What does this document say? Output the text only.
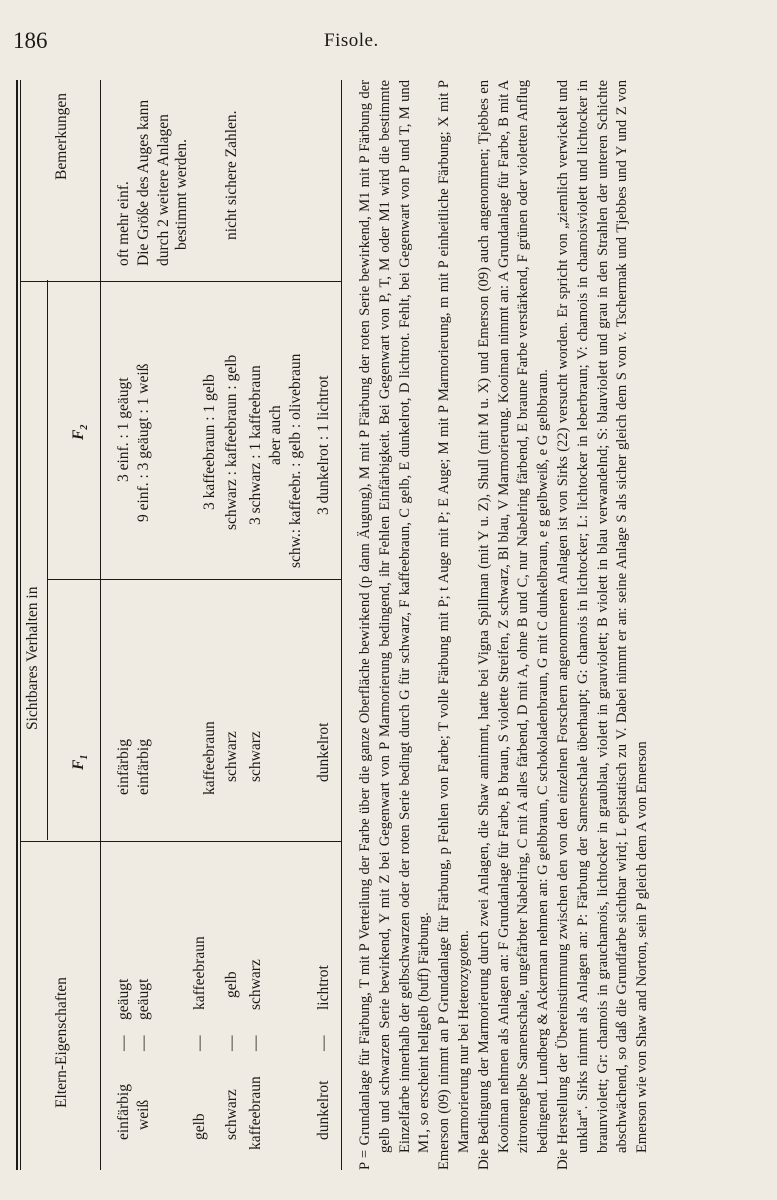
186	Fisole.
Eltern-Eigenschaften
Sichtbares Verhalten in
$F_1$
$F_2$
Bemerkungen
einfärbig
—
geäugt
einfärbig
3 einf. : 1 geäugt
oft mehr einf.
weiß
—
geäugt
einfärbig
9 einf. : 3 geäugt : 1 weiß
Die Größe des Auges kann durch 2 weitere Anlagen bestimmt werden.
gelb
—
kaffeebraun
kaffeebraun
3 kaffeebraun : 1 gelb
schwarz
—
gelb
schwarz
schwarz : kaffeebraun : gelb
nicht sichere Zahlen.
kaffeebraun
—
schwarz
schwarz
3 schwarz : 1 kaffeebraun aber auch schw.: kaffeebr. : gelb : olivebraun
dunkelrot
—
lichtrot
dunkelrot
3 dunkelrot : 1 lichtrot P = Grundanlage für Färbung, T mit P Verteilung der Farbe über die ganze Oberfläche bewirkend (p dann Äugung), M mit P Färbung der roten Serie bewirkend, M1 mit P Färbung der gelb und schwarzen Serie bewirkend, Y mit Z bei Gegenwart von P Marmorierung bedingend, ihr Fehlen Einfärbigkeit. Bei Gegenwart von P, T, M oder M1 wird die bestimmte Einzelfarbe innerhalb der gelbschwarzen oder der roten Serie bedingt durch G für schwarz, F kaffeebraun, C gelb, E dunkelrot, D lichtrot. Fehlt, bei Gegenwart von P und T, M und M1, so erscheint hellgelb (buff) Färbung. Emerson (09) nimmt an P Grundanlage für Färbung, p Fehlen von Farbe; T volle Färbung mit P; t Auge mit P; E Auge; M mit P Marmorierung, m mit P einheitliche Färbung; X mit P Marmorierung nur bei Heterozygoten. Die Bedingung der Marmorierung durch zwei Anlagen, die Shaw annimmt, hatte bei Vigna Spillman (mit Y u. Z), Shull (mit M u. X) und Emerson (09) auch angenommen; Tjebbes en Kooiman nehmen als Anlagen an: F Grundanlage für Farbe, B braun, S violette Streifen, Z schwarz, Bl blau, V Marmorierung. Kooiman nimmt an: A Grundanlage für Farbe, B mit A zitronengelbe Samenschale, ungefärbter Nabelring, C mit A alles färbend, D mit A, ohne B und C, nur Nabelring färbend, E braune Farbe verstärkend, F grünen oder violetten Anflug bedingend. Lundberg & Ackerman nehmen an: G gelbbraun, C schokoladenbraun, G mit C dunkelbraun, e g gelbweiß, e G gelbbraun. Die Herstellung der Übereinstimmung zwischen den von den einzelnen Forschern angenommenen Anlagen ist von Sirks (22) versucht worden. Er spricht von „ziemlich verwickelt und unklar“. Sirks nimmt als Anlagen an: P: Färbung der Samenschale überhaupt; G: chamois in lichtocker; L: lichtocker in leberbraun; V: chamois in chamoisviolett und lichtocker in braunviolett; Gr: chamois in grauchamois, lichtocker in graublau, violett in grauviolett; B violett in blau verwandelnd; S: blauviolett und grau in den Strahlen der unteren Schichte abschwächend, so daß die Grundfarbe sichtbar wird; L epistatisch zu V. Dabei nimmt er an: seine Anlage S als sicher gleich dem S von v. Tschermak und Tjebbes und Y und Z von Emerson wie von Shaw and Norton, sein P gleich dem A von Emerson
